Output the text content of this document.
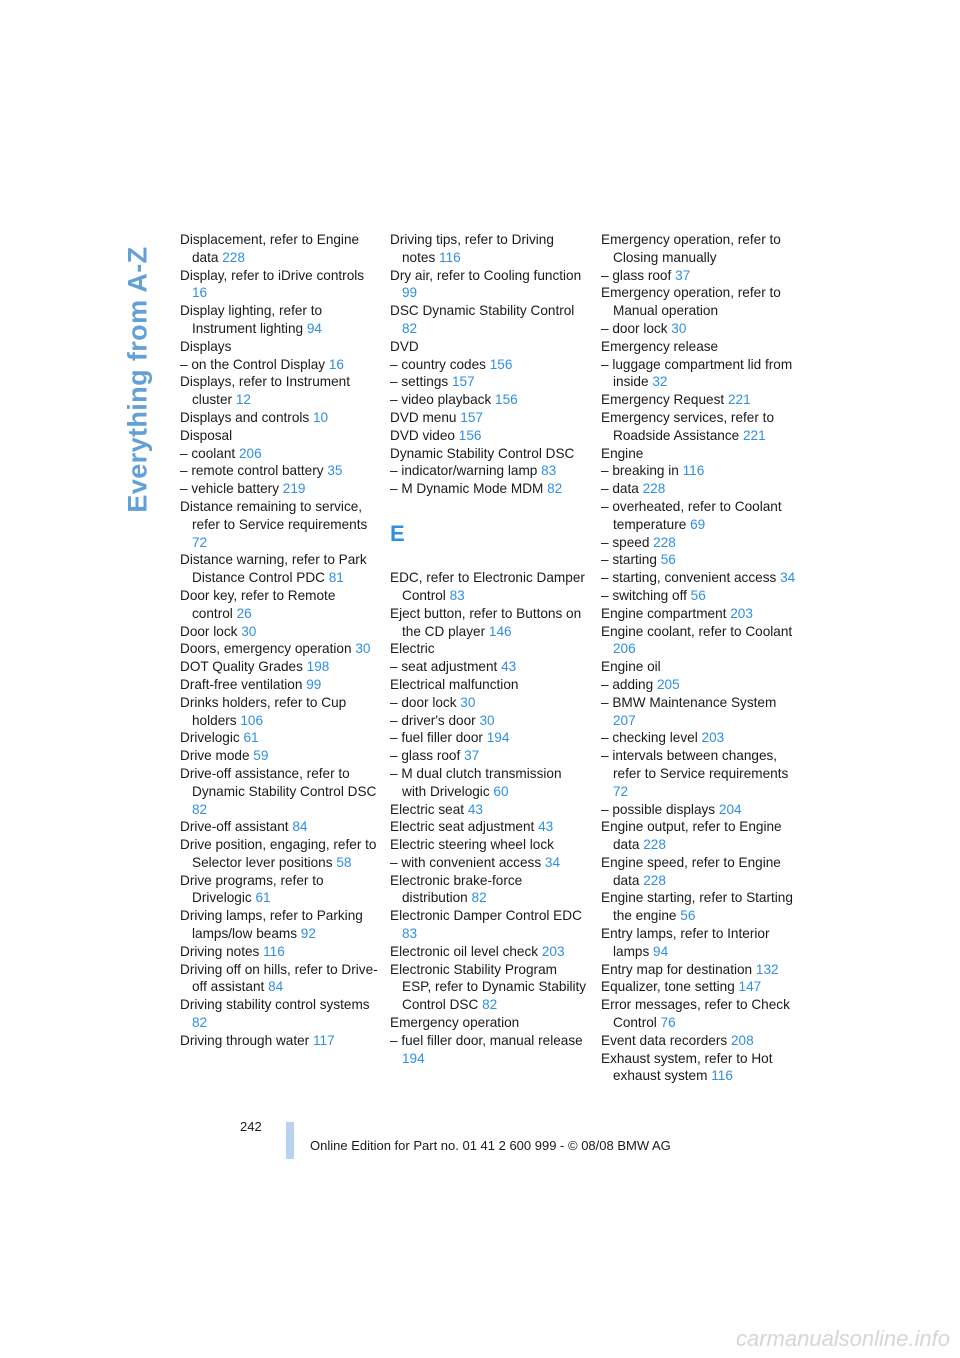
Everything from A-Z

Displacement, refer to Engine data 228

Display, refer to iDrive controls 16

Display lighting, refer to Instrument lighting 94

Displays

– on the Control Display 16

Displays, refer to Instrument cluster 12

Displays and controls 10

Disposal

– coolant 206

– remote control battery 35

– vehicle battery 219

Distance remaining to service, refer to Service requirements 72

Distance warning, refer to Park Distance Control PDC 81

Door key, refer to Remote control 26

Door lock 30

Doors, emergency operation 30

DOT Quality Grades 198

Draft-free ventilation 99

Drinks holders, refer to Cup holders 106

Drivelogic 61

Drive mode 59

Drive-off assistance, refer to Dynamic Stability Control DSC 82

Drive-off assistant 84

Drive position, engaging, refer to Selector lever positions 58

Drive programs, refer to Drivelogic 61

Driving lamps, refer to Parking lamps/low beams 92

Driving notes 116

Driving off on hills, refer to Drive-off assistant 84

Driving stability control systems 82

Driving through water 117

Driving tips, refer to Driving notes 116

Dry air, refer to Cooling function 99

DSC Dynamic Stability Control 82

DVD

– country codes 156

– settings 157

– video playback 156

DVD menu 157

DVD video 156

Dynamic Stability Control DSC

– indicator/warning lamp 83

– M Dynamic Mode MDM 82

E

EDC, refer to Electronic Damper Control 83

Eject button, refer to Buttons on the CD player 146

Electric

– seat adjustment 43

Electrical malfunction

– door lock 30

– driver's door 30

– fuel filler door 194

– glass roof 37

– M dual clutch transmission with Drivelogic 60

Electric seat 43

Electric seat adjustment 43

Electric steering wheel lock

– with convenient access 34

Electronic brake-force distribution 82

Electronic Damper Control EDC 83

Electronic oil level check 203

Electronic Stability Program ESP, refer to Dynamic Stability Control DSC 82

Emergency operation

– fuel filler door, manual release 194

Emergency operation, refer to Closing manually

– glass roof 37

Emergency operation, refer to Manual operation

– door lock 30

Emergency release

– luggage compartment lid from inside 32

Emergency Request 221

Emergency services, refer to Roadside Assistance 221

Engine

– breaking in 116

– data 228

– overheated, refer to Coolant temperature 69

– speed 228

– starting 56

– starting, convenient access 34

– switching off 56

Engine compartment 203

Engine coolant, refer to Coolant 206

Engine oil

– adding 205

– BMW Maintenance System 207

– checking level 203

– intervals between changes, refer to Service requirements 72

– possible displays 204

Engine output, refer to Engine data 228

Engine speed, refer to Engine data 228

Engine starting, refer to Starting the engine 56

Entry lamps, refer to Interior lamps 94

Entry map for destination 132

Equalizer, tone setting 147

Error messages, refer to Check Control 76

Event data recorders 208

Exhaust system, refer to Hot exhaust system 116

242
Online Edition for Part no. 01 41 2 600 999 - © 08/08 BMW AG
carmanualsonline.info
